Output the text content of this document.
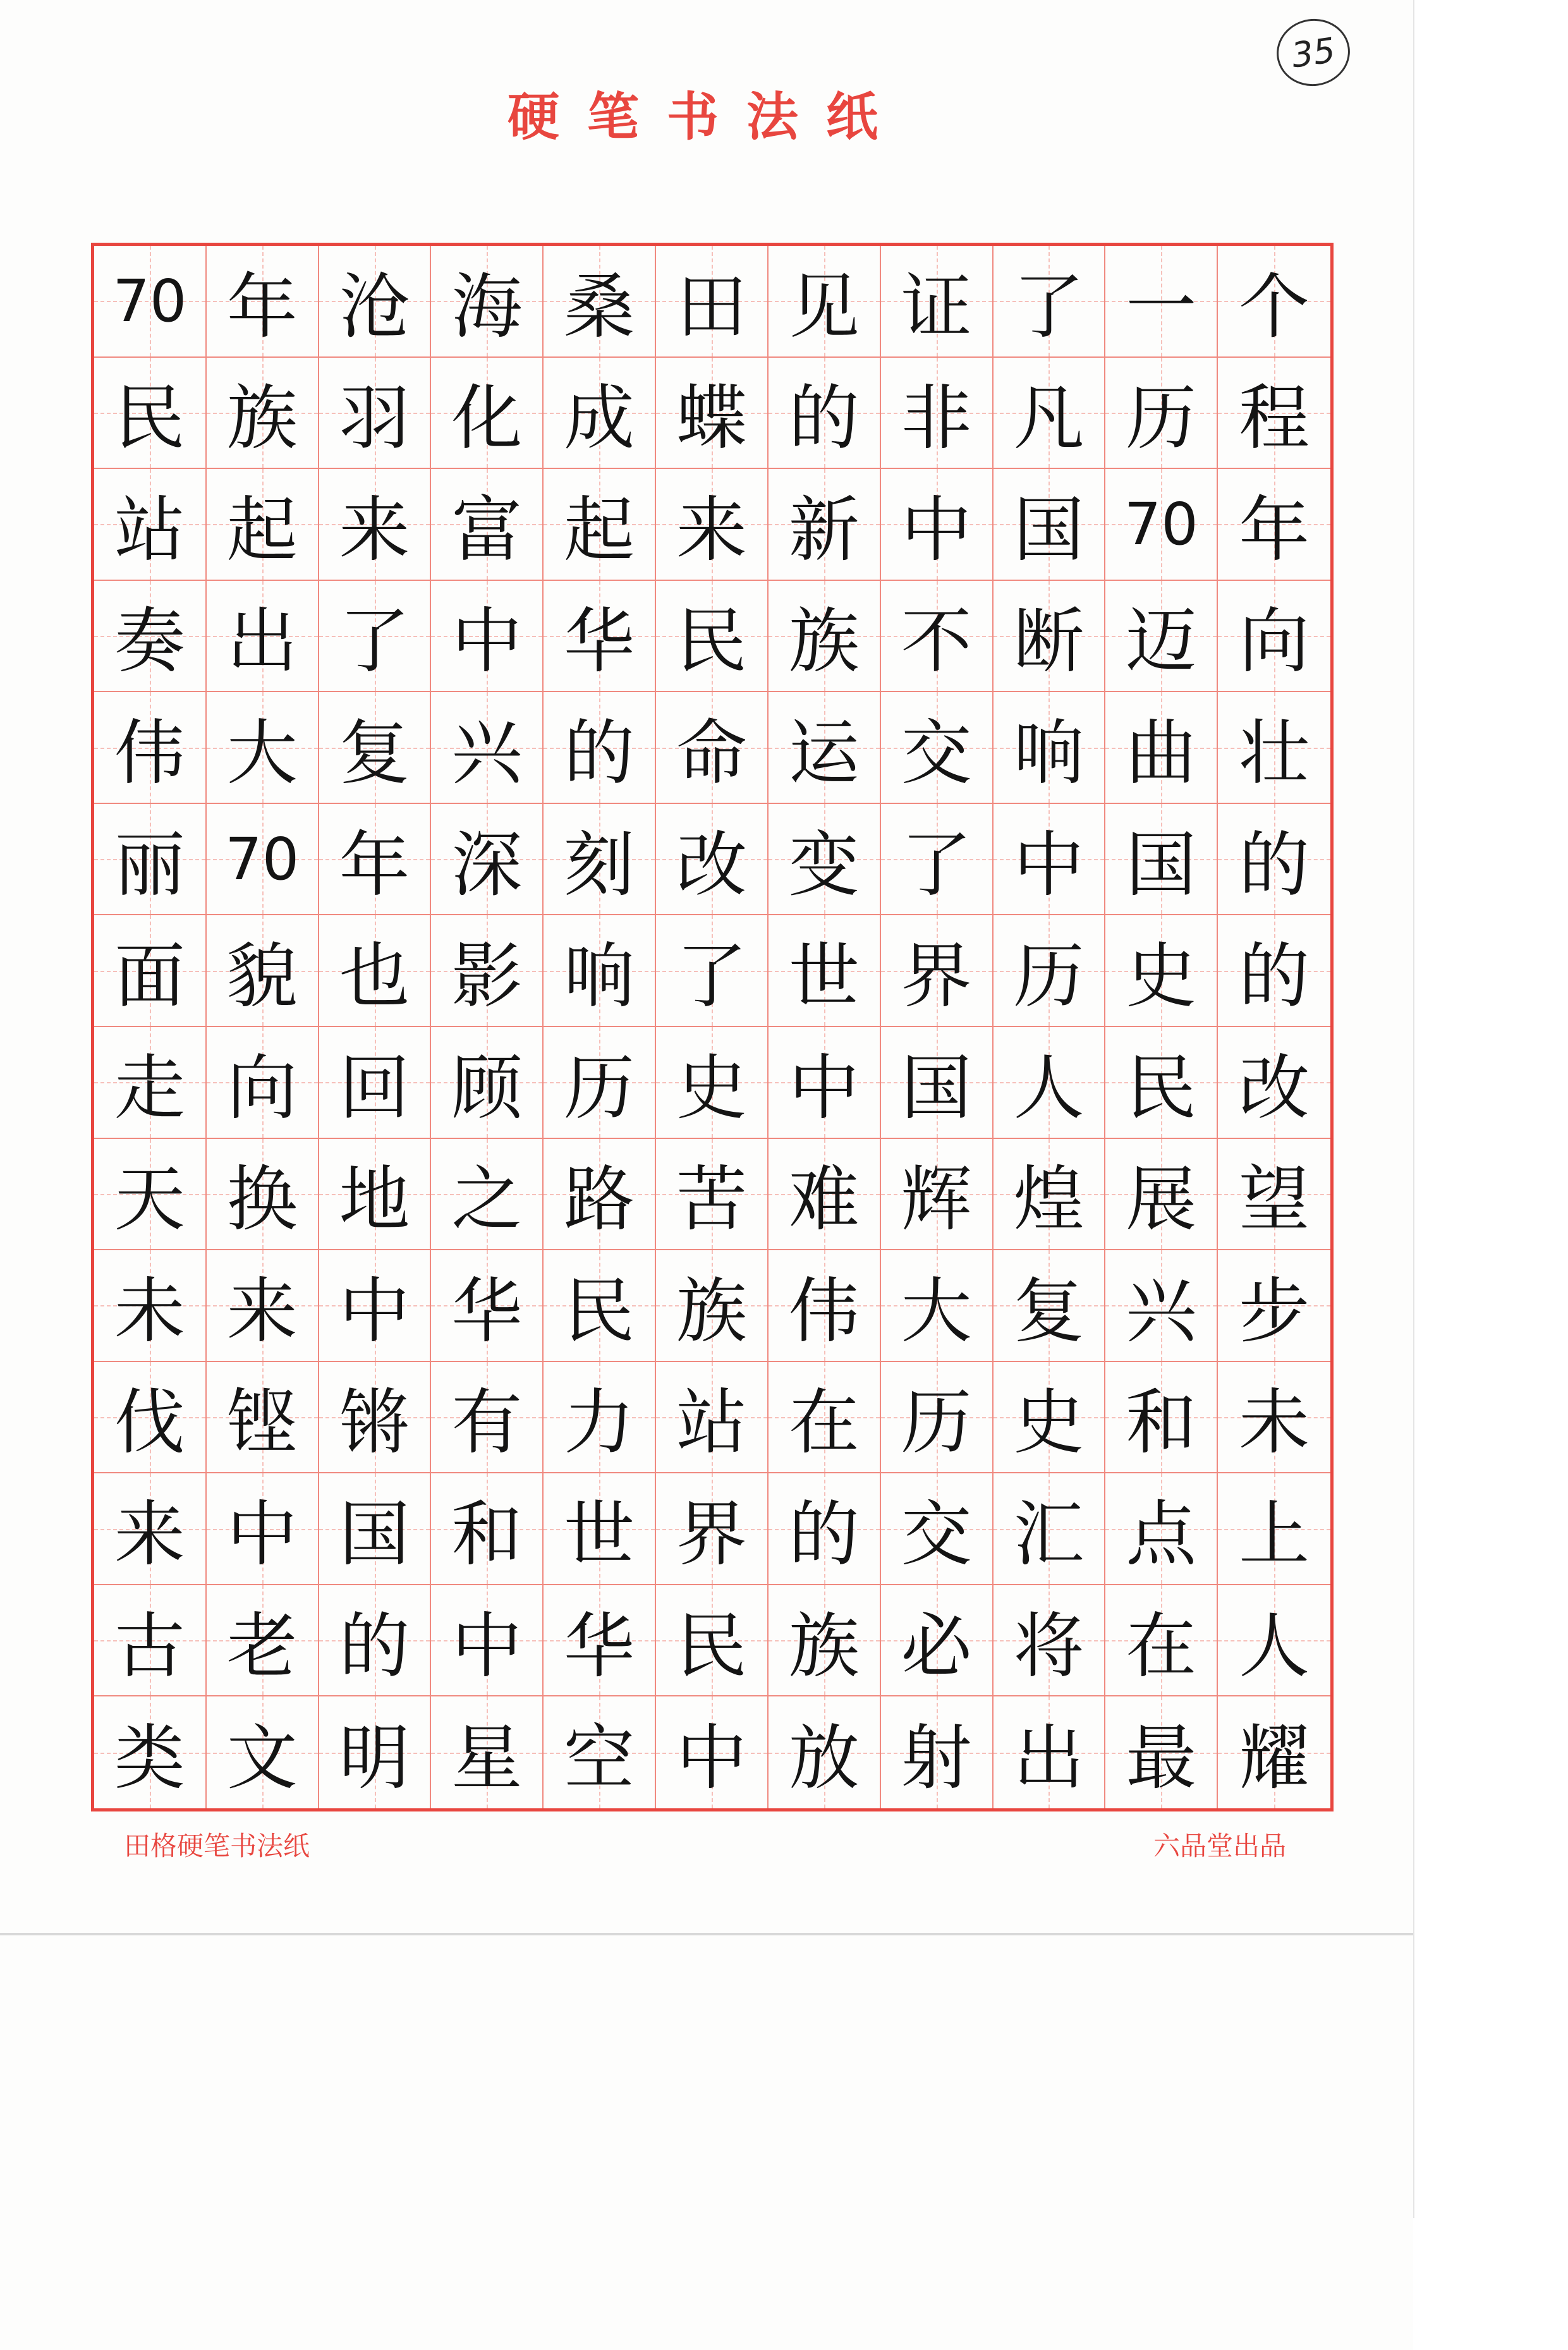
35
硬笔书法纸
70 年 沧 海 桑 田 见 证 了 一 个
民 族 羽 化 成 蝶 的 非 凡 历 程
站 起 来 富 起 来 新 中 国 70 年
奏 出 了 中 华 民 族 不 断 迈 向
伟 大 复 兴 的 命 运 交 响 曲 壮
丽 70 年 深 刻 改 变 了 中 国 的
面 貌 也 影 响 了 世 界 历 史 的
走 向 回 顾 历 史 中 国 人 民 改
天 换 地 之 路 苦 难 辉 煌 展 望
未 来 中 华 民 族 伟 大 复 兴 步
伐 铿 锵 有 力 站 在 历 史 和 未
来 中 国 和 世 界 的 交 汇 点 上
古 老 的 中 华 民 族 必 将 在 人
类 文 明 星 空 中 放 射 出 最 耀
田格硬笔书法纸	六品堂出品
